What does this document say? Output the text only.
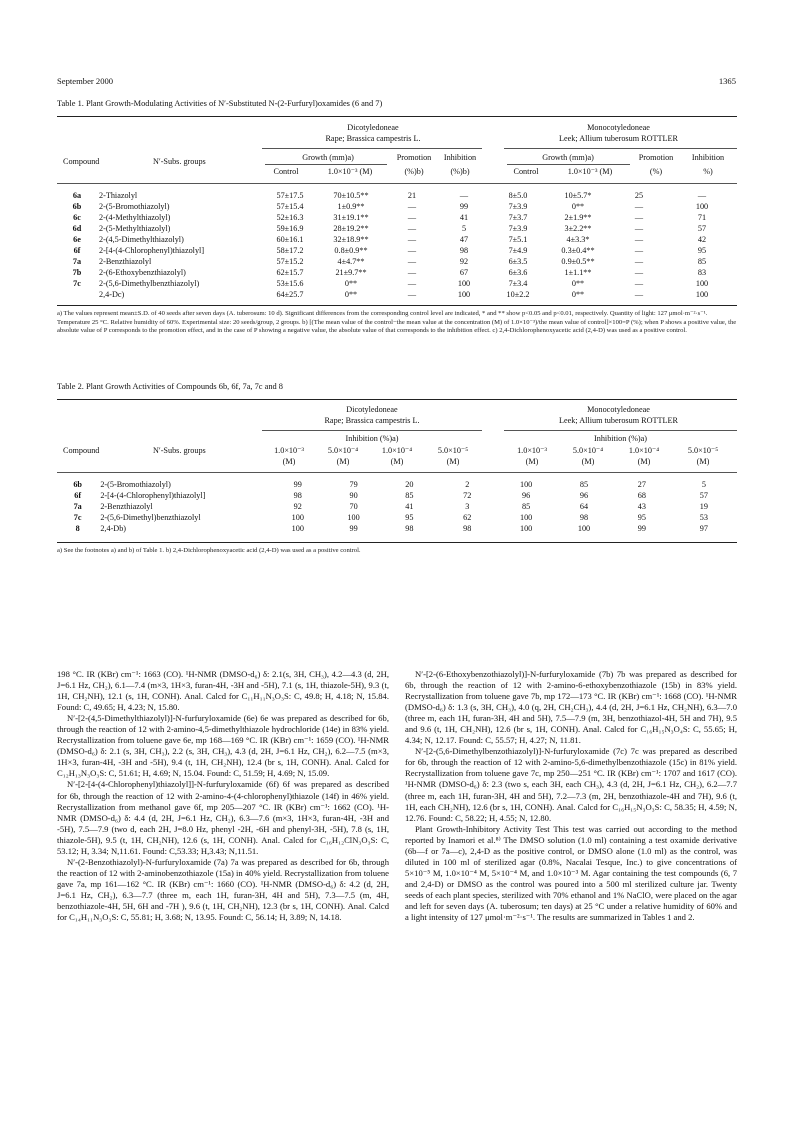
September 2000	1365
Table 1. Plant Growth-Modulating Activities of N′-Substituted N-(2-Furfuryl)oxamides (6 and 7)
Dicotyledoneae
Rape; Brassica campestris L.
Monocotyledoneae
Leek; Allium tuberosum ROTTLER
Compound	N′-Subs. groups	Growth (mm)a)	Promotion	Inhibition	Growth (mm)a)	Promotion	Inhibition
Control	1.0×10⁻³ (M)	(%)b)	(%)b)	Control	1.0×10⁻³ (M)	(%)	%)
6a	2-Thiazolyl	57±17.5	70±10.5**	21	—	8±5.0	10±5.7*	25	—
6b	2-(5-Bromothiazolyl)	57±15.4	1±0.9**	—	99	7±3.9	0**	—	100
6c	2-(4-Methylthiazolyl)	52±16.3	31±19.1**	—	41	7±3.7	2±1.9**	—	71
6d	2-(5-Methylthiazolyl)	59±16.9	28±19.2**	—	5	7±3.9	3±2.2**	—	57
6e	2-(4,5-Dimethylthiazolyl)	60±16.1	32±18.9**	—	47	7±5.1	4±3.3*	—	42
6f	2-[4-(4-Chlorophenyl)thiazolyl]	58±17.2	0.8±0.9**	—	98	7±4.9	0.3±0.4**	—	95
7a	2-Benzthiazolyl	57±15.2	4±4.7**	—	92	6±3.5	0.9±0.5**	—	85
7b	2-(6-Ethoxybenzthiazolyl)	62±15.7	21±9.7**	—	67	6±3.6	1±1.1**	—	83
7c	2-(5,6-Dimethylbenzthiazolyl)	53±15.6	0**	—	100	7±3.4	0**	—	100
	2,4-Dc)	64±25.7	0**	—	100	10±2.2	0**	—	100
a) The values represent mean±S.D. of 40 seeds after seven days (A. tuberosum: 10 d). Significant differences from the corresponding control level are indicated, * and ** show p<0.05 and p<0.01, respectively. Quantity of light: 127 μmol·m⁻²·s⁻¹. Temperature 25 °C. Relative humidity of 60%. Experimental size: 20 seeds/group, 2 groups. b) [(The mean value of the control−the mean value at the concentration (M) of 1.0×10⁻³)/the mean value of control]×100=P (%); when P shows a positive value, the absolute value of P corresponds to the promotion effect, and in the case of P showing a negative value, the absolute value of that corresponds to the inhibition effect. c) 2,4-Dichlorophenoxyacetic acid (2,4-D) was used as a positive control.
Table 2. Plant Growth Activities of Compounds 6b, 6f, 7a, 7c and 8
Dicotyledoneae
Rape; Brassica campestris L.
Monocotyledoneae
Leek; Allium tuberosum ROTTLER
Compound	N′-Subs. groups
Inhibition (%)a)	Inhibition (%)a)
1.0×10⁻³
(M)
5.0×10⁻⁴
(M)
1.0×10⁻⁴
(M)
5.0×10⁻⁵
(M)
1.0×10⁻³
(M)
5.0×10⁻⁴
(M)
1.0×10⁻⁴
(M)
5.0×10⁻⁵
(M)
6b	2-(5-Bromothiazolyl)	99	79	20	2	100	85	27	5
6f	2-[4-(4-Chlorophenyl)thiazolyl]	98	90	85	72	96	96	68	57
7a	2-Benzthiazolyl	92	70	41	3	85	64	43	19
7c	2-(5,6-Dimethyl)benzthiazolyl	100	100	95	62	100	98	95	53
8	2,4-Db)	100	99	98	98	100	100	99	97
a) See the footnotes a) and b) of Table 1. b) 2,4-Dichlorophenoxyacetic acid (2,4-D) was used as a positive control.

198 °C. IR (KBr) cm⁻¹: 1663 (CO). ¹H-NMR (DMSO-d₆) δ: 2.1(s, 3H, CH₃), 4.2—4.3 (d, 2H, J=6.1 Hz, CH₂), 6.1—7.4 (m×3, 1H×3, furan-4H, -3H and -5H), 7.1 (s, 1H, thiazole-5H), 9.3 (t, 1H, CH₂NH), 12.1 (s, 1H, CONH). Anal. Calcd for C₁₁H₁₁N₃O₃S: C, 49.8; H, 4.18; N, 15.84. Found: C, 49.65; H, 4.23; N, 15.80.

N′-[2-(4,5-Dimethylthiazolyl)]-N-furfuryloxamide (6e) 6e was prepared as described for 6b, through the reaction of 12 with 2-amino-4,5-dimethylthiazole hydrochloride (14e) in 83% yield. Recrystallization from toluene gave 6e, mp 168—169 °C. IR (KBr) cm⁻¹: 1659 (CO). ¹H-NMR (DMSO-d₆) δ: 2.1 (s, 3H, CH₃), 2.2 (s, 3H, CH₃), 4.3 (d, 2H, J=6.1 Hz, CH₂), 6.2—7.5 (m×3, 1H×3, furan-4H, -3H and -5H), 9.4 (t, 1H, CH₂NH), 12.4 (br s, 1H, CONH). Anal. Calcd for C₁₂H₁₃N₃O₃S: C, 51.61; H, 4.69; N, 15.04. Found: C, 51.59; H, 4.69; N, 15.09.

N′-[2-[4-(4-Chlorophenyl)thiazolyl]]-N-furfuryloxamide (6f) 6f was prepared as described for 6b, through the reaction of 12 with 2-amino-4-(4-chlorophenyl)thiazole (14f) in 46% yield. Recrystallization from methanol gave 6f, mp 205—207 °C. IR (KBr) cm⁻¹: 1662 (CO). ¹H-NMR (DMSO-d₆) δ: 4.4 (d, 2H, J=6.1 Hz, CH₂), 6.3—7.6 (m×3, 1H×3, furan-4H, -3H and -5H), 7.5—7.9 (two d, each 2H, J=8.0 Hz, phenyl -2H, -6H and phenyl-3H, -5H), 7.8 (s, 1H, thiazole-5H), 9.5 (t, 1H, CH₂NH), 12.6 (s, 1H, CONH). Anal. Calcd for C₁₆H₁₂ClN₃O₃S: C, 53.12; H, 3.34; N,11.61. Found: C,53.33; H,3.43; N,11.51.

N′-(2-Benzothiazolyl)-N-furfuryloxamide (7a) 7a was prepared as described for 6b, through the reaction of 12 with 2-aminobenzothiazole (15a) in 40% yield. Recrystallization from toluene gave 7a, mp 161—162 °C. IR (KBr) cm⁻¹: 1660 (CO). ¹H-NMR (DMSO-d₆) δ: 4.2 (d, 2H, J=6.1 Hz, CH₂), 6.3—7.7 (three m, each 1H, furan-3H, 4H and 5H), 7.3—7.5 (m, 4H, benzothiazole-4H, 5H, 6H and -7H ), 9.6 (t, 1H, CH₂NH), 12.3 (br s, 1H, CONH). Anal. Calcd for C₁₄H₁₁N₃O₃S: C, 55.81; H, 3.68; N, 13.95. Found: C, 56.14; H, 3.89; N, 14.18.

N′-[2-(6-Ethoxybenzothiazolyl)]-N-furfuryloxamide (7b) 7b was prepared as described for 6b, through the reaction of 12 with 2-amino-6-ethoxybenzothiazole (15b) in 83% yield. Recrystallization from toluene gave 7b, mp 172—173 °C. IR (KBr) cm⁻¹: 1668 (CO). ¹H-NMR (DMSO-d₆) δ: 1.3 (s, 3H, CH₃), 4.0 (q, 2H, CH₂CH₃), 4.4 (d, 2H, J=6.1 Hz, CH₂NH), 6.3—7.0 (three m, each 1H, furan-3H, 4H and 5H), 7.5—7.9 (m, 3H, benzothiazol-4H, 5H and 7H), 9.5 and 9.6 (t, 1H, CH₂NH), 12.6 (br s, 1H, CONH). Anal. Calcd for C₁₆H₁₅N₃O₄S: C, 55.65; H, 4.34; N, 12.17. Found: C, 55.57; H, 4.27; N, 11.81.

N′-[2-(5,6-Dimethylbenzothiazolyl)]-N-furfuryloxamide (7c) 7c was prepared as described for 6b, through the reaction of 12 with 2-amino-5,6-dimethylbenzothiazole (15c) in 81% yield. Recrystallization from toluene gave 7c, mp 250—251 °C. IR (KBr) cm⁻¹: 1707 and 1617 (CO). ¹H-NMR (DMSO-d₆) δ: 2.3 (two s, each 3H, each CH₃), 4.3 (d, 2H, J=6.1 Hz, CH₂), 6.2—7.7 (three m, each 1H, furan-3H, 4H and 5H), 7.2—7.3 (m, 2H, benzothiazole-4H and 7H), 9.6 (t, 1H, each CH₂NH), 12.6 (br s, 1H, CONH). Anal. Calcd for C₁₆H₁₅N₃O₃S: C, 58.35; H, 4.59; N, 12.76. Found: C, 58.22; H, 4.55; N, 12.80.

Plant Growth-Inhibitory Activity Test This test was carried out according to the method reported by Inamori et al.⁸⁾ The DMSO solution (1.0 ml) containing a test oxamide derivative (6b—f or 7a—c), 2,4-D as the positive control, or DMSO alone (1.0 ml) as the control, was diluted in 100 ml of sterilized agar (0.8%, Nacalai Tesque, Inc.) to give concentrations of 5×10⁻⁵ M, 1.0×10⁻⁴ M, 5×10⁻⁴ M, and 1.0×10⁻³ M. Agar containing the test compounds (6, 7 and 2,4-D) or DMSO as the control was poured into a 500 ml sterilized culture jar. Twenty seeds of each plant species, sterilized with 70% ethanol and 1% NaClO, were placed on the agar and left for seven days (A. tuberosum; ten days) at 25 °C under a relative humidity of 60% and a light intensity of 127 μmol·m⁻²·s⁻¹. The results are summarized in Tables 1 and 2.
